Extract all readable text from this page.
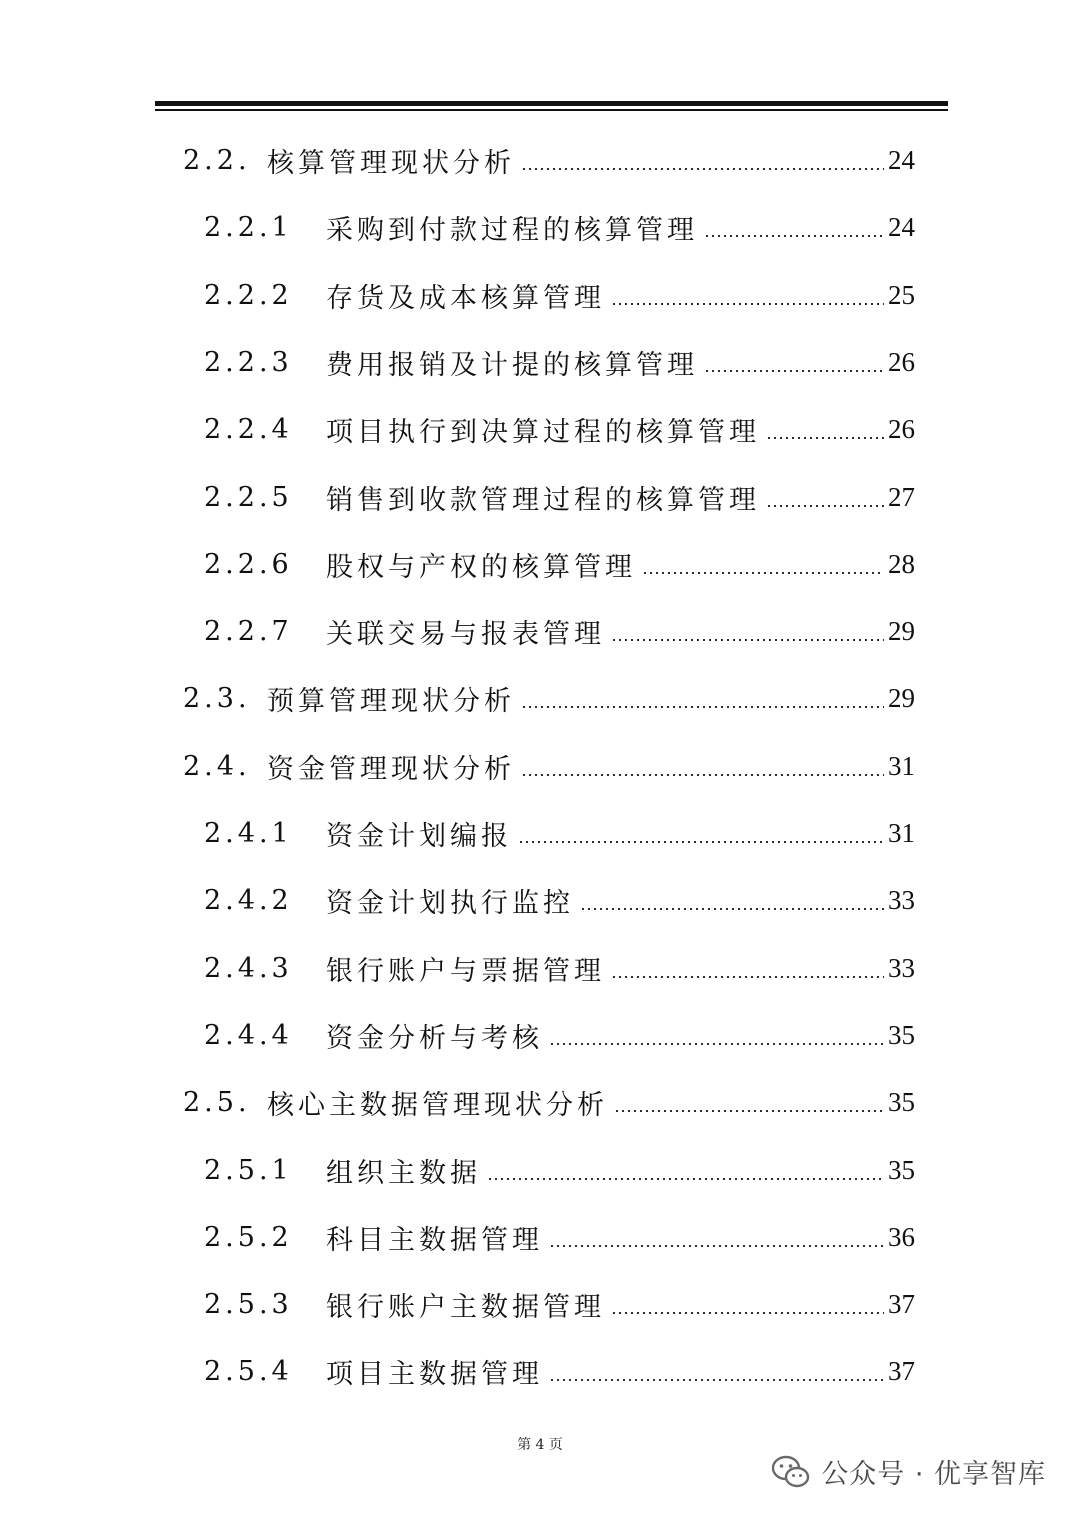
2.2. 核算管理现状分析	24
2.2.1	采购到付款过程的核算管理	24
2.2.2	存货及成本核算管理	25
2.2.3	费用报销及计提的核算管理	26
2.2.4	项目执行到决算过程的核算管理	26
2.2.5	销售到收款管理过程的核算管理	27
2.2.6	股权与产权的核算管理	28
2.2.7	关联交易与报表管理	29
2.3. 预算管理现状分析	29
2.4. 资金管理现状分析	31
2.4.1	资金计划编报	31
2.4.2	资金计划执行监控	33
2.4.3	银行账户与票据管理	33
2.4.4	资金分析与考核	35
2.5. 核心主数据管理现状分析	35
2.5.1	组织主数据	35
2.5.2	科目主数据管理	36
2.5.3	银行账户主数据管理	37
2.5.4	项目主数据管理	37
第 4 页
公众号 · 优享智库
